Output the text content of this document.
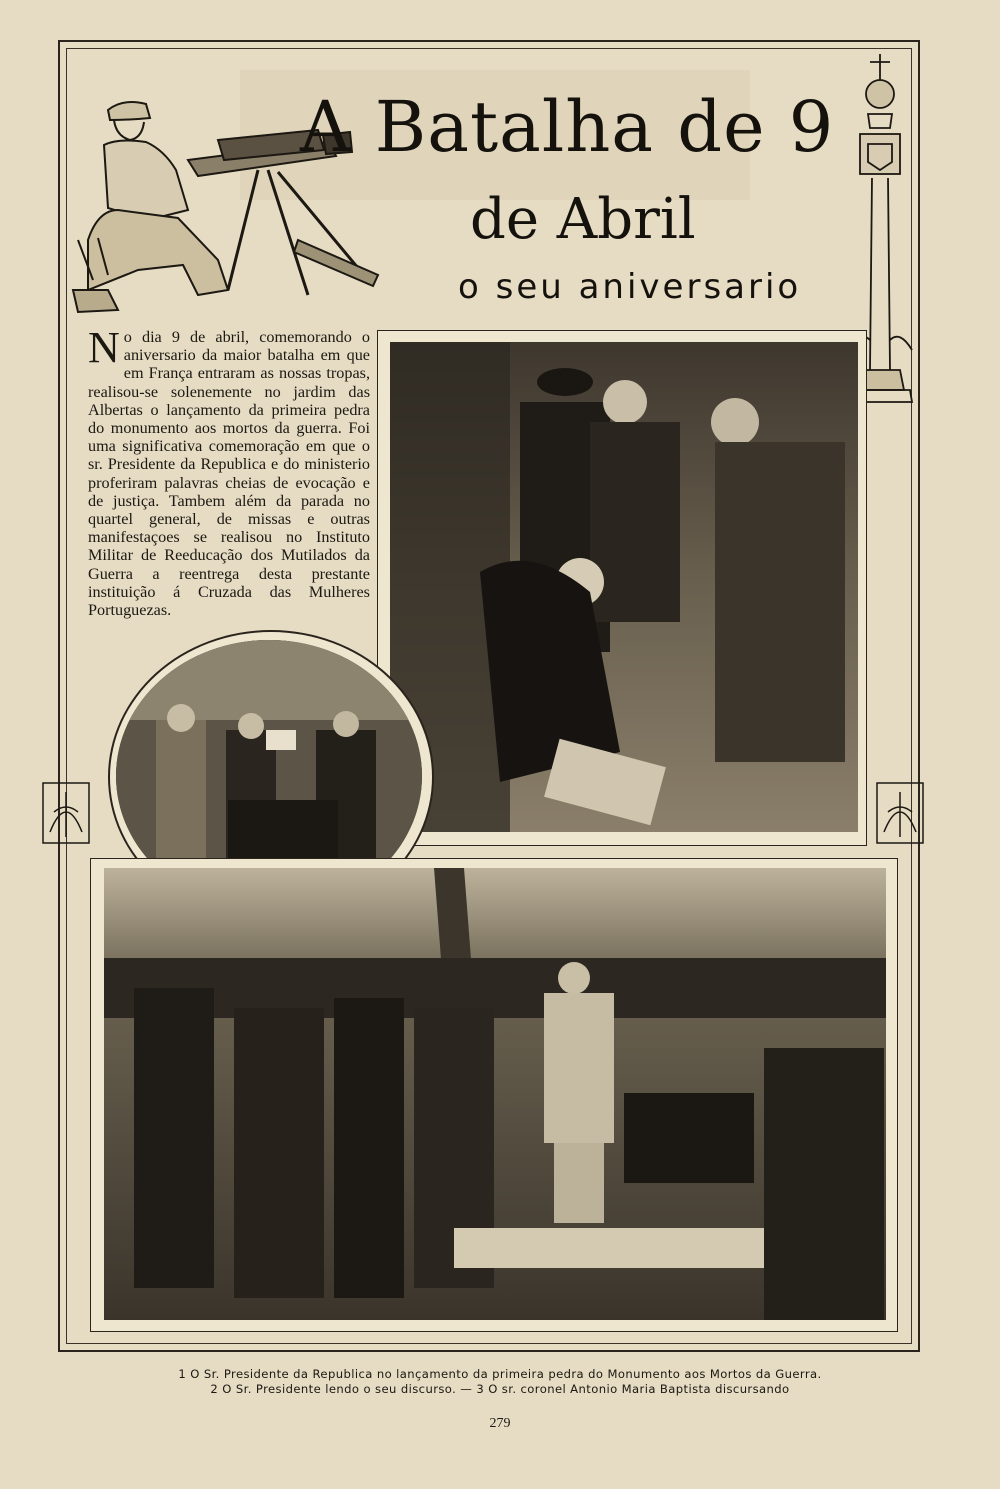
A Batalha de 9
de Abril
o seu aniversario
N o dia 9 de abril, comemorando o aniversario da maior batalha em que em França entraram as nossas tropas, realisou-se solenemente no jardim das Albertas o lançamento da primeira pedra do monumento aos mortos da guerra. Foi uma significativa comemoração em que o sr. Presidente da Republica e do ministerio proferiram palavras cheias de evocação e de justiça. Tambem além da parada no quartel general, de missas e outras manifestaçoes se realisou no Instituto Militar de Reeducação dos Mutilados da Guerra a reentrega desta prestante instituição á Cruzada das Mulheres Portuguezas.
1 O Sr. Presidente da Republica no lançamento da primeira pedra do Monumento aos Mortos da Guerra.
2 O Sr. Presidente lendo o seu discurso. — 3 O sr. coronel Antonio Maria Baptista discursando
279
